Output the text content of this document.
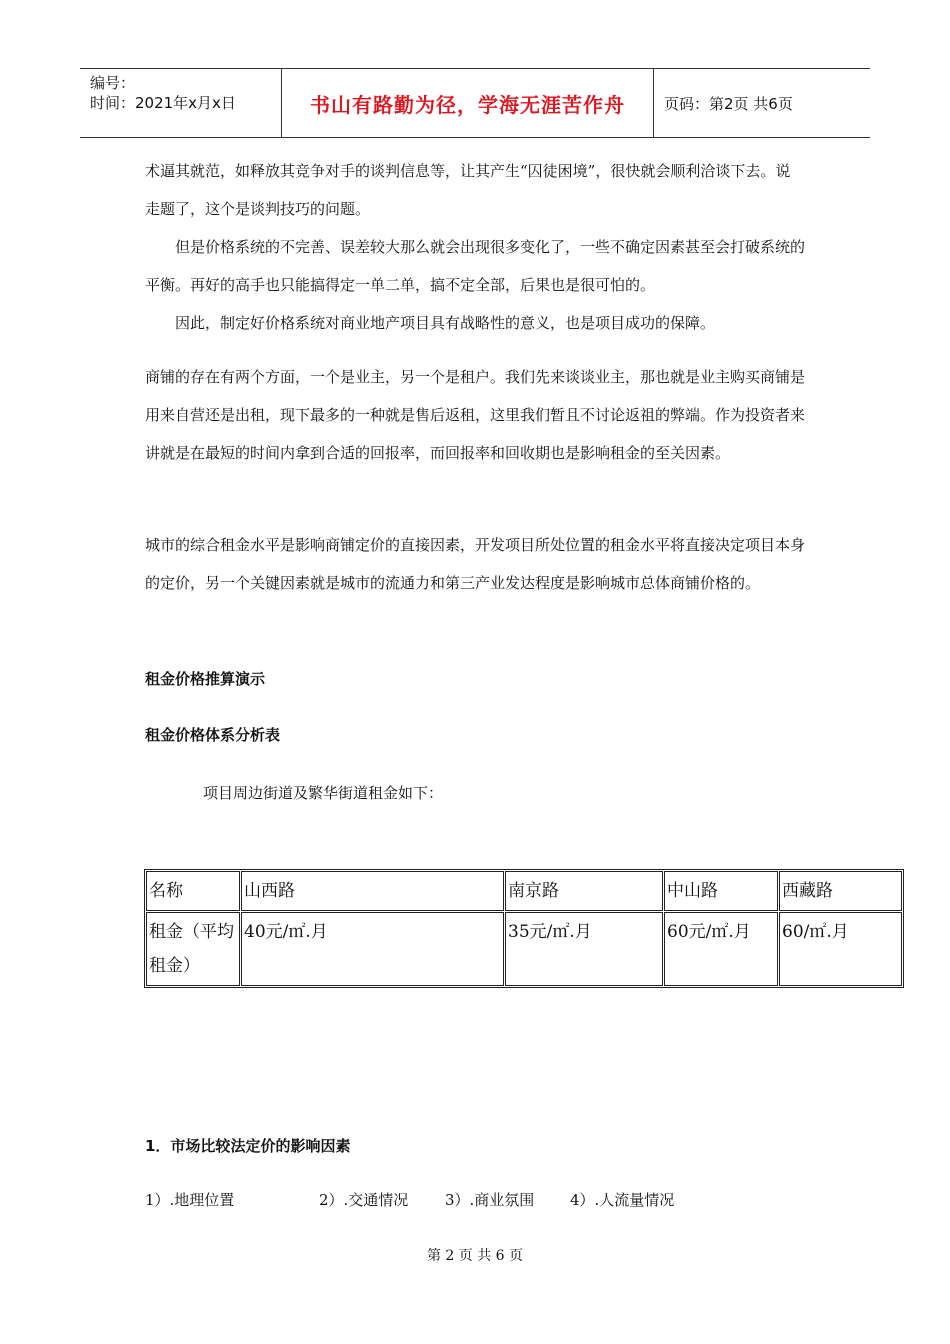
编号：
时间：2021年x月x日	书山有路勤为径，学海无涯苦作舟	页码：第2页 共6页

术逼其就范，如释放其竞争对手的谈判信息等，让其产生“囚徒困境”，很快就会顺利洽谈下去。说走题了，这个是谈判技巧的问题。

但是价格系统的不完善、误差较大那么就会出现很多变化了，一些不确定因素甚至会打破系统的平衡。再好的高手也只能搞得定一单二单，搞不定全部，后果也是很可怕的。

因此，制定好价格系统对商业地产项目具有战略性的意义，也是项目成功的保障。

商铺的存在有两个方面，一个是业主，另一个是租户。我们先来谈谈业主，那也就是业主购买商铺是用来自营还是出租，现下最多的一种就是售后返租，这里我们暂且不讨论返祖的弊端。作为投资者来讲就是在最短的时间内拿到合适的回报率，而回报率和回收期也是影响租金的至关因素。

城市的综合租金水平是影响商铺定价的直接因素，开发项目所处位置的租金水平将直接决定项目本身的定价，另一个关键因素就是城市的流通力和第三产业发达程度是影响城市总体商铺价格的。

租金价格推算演示
租金价格体系分析表
项目周边街道及繁华街道租金如下：
名称	山西路	南京路	中山路	西藏路
租金（平均租金）	40元/㎡.月	35元/㎡.月	60元/㎡.月	60/㎡.月
1．市场比较法定价的影响因素
1）.地理位置	2）.交通情况	3）.商业氛围	4）.人流量情况
第 2 页 共 6 页
